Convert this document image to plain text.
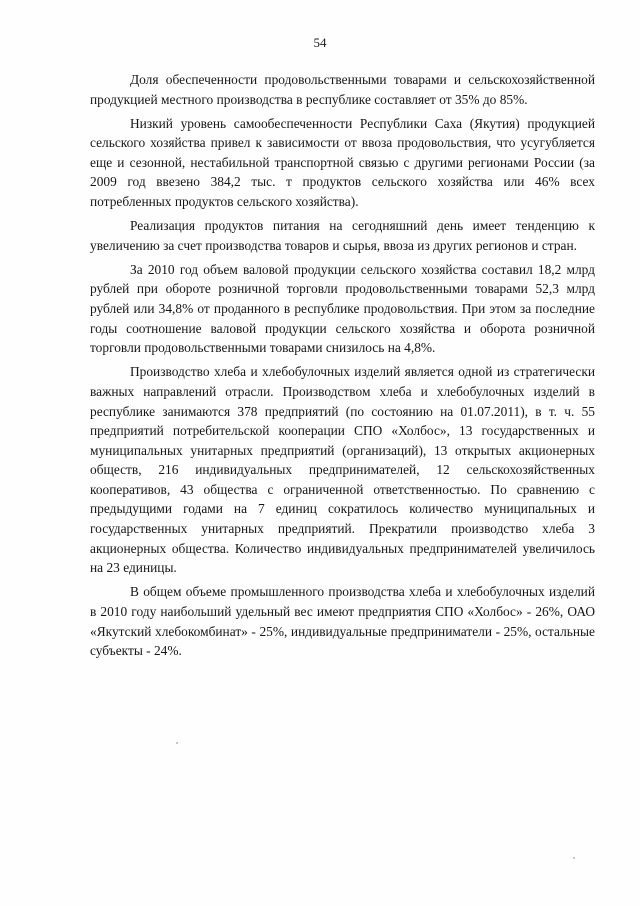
54

Доля обеспеченности продовольственными товарами и сельскохозяйственной продукцией местного производства в республике составляет от 35% до 85%.

Низкий уровень самообеспеченности Республики Саха (Якутия) продукцией сельского хозяйства привел к зависимости от ввоза продовольствия, что усугубляется еще и сезонной, нестабильной транспортной связью с другими регионами России (за 2009 год ввезено 384,2 тыс. т продуктов сельского хозяйства или 46% всех потребленных продуктов сельского хозяйства).

Реализация продуктов питания на сегодняшний день имеет тенденцию к увеличению за счет производства товаров и сырья, ввоза из других регионов и стран.

За 2010 год объем валовой продукции сельского хозяйства составил 18,2 млрд рублей при обороте розничной торговли продовольственными товарами 52,3 млрд рублей или 34,8% от проданного в республике продовольствия. При этом за последние годы соотношение валовой продукции сельского хозяйства и оборота розничной торговли продовольственными товарами снизилось на 4,8%.

Производство хлеба и хлебобулочных изделий является одной из стратегически важных направлений отрасли. Производством хлеба и хлебобулочных изделий в республике занимаются 378 предприятий (по состоянию на 01.07.2011), в т. ч. 55 предприятий потребительской кооперации СПО «Холбос», 13 государственных и муниципальных унитарных предприятий (организаций), 13 открытых акционерных обществ, 216 индивидуальных предпринимателей, 12 сельскохозяйственных кооперативов, 43 общества с ограниченной ответственностью. По сравнению с предыдущими годами на 7 единиц сократилось количество муниципальных и государственных унитарных предприятий. Прекратили производство хлеба 3 акционерных общества. Количество индивидуальных предпринимателей увеличилось на 23 единицы.

В общем объеме промышленного производства хлеба и хлебобулочных изделий в 2010 году наибольший удельный вес имеют предприятия СПО «Холбос» - 26%, ОАО «Якутский хлебокомбинат» - 25%, индивидуальные предприниматели - 25%, остальные субъекты - 24%.
